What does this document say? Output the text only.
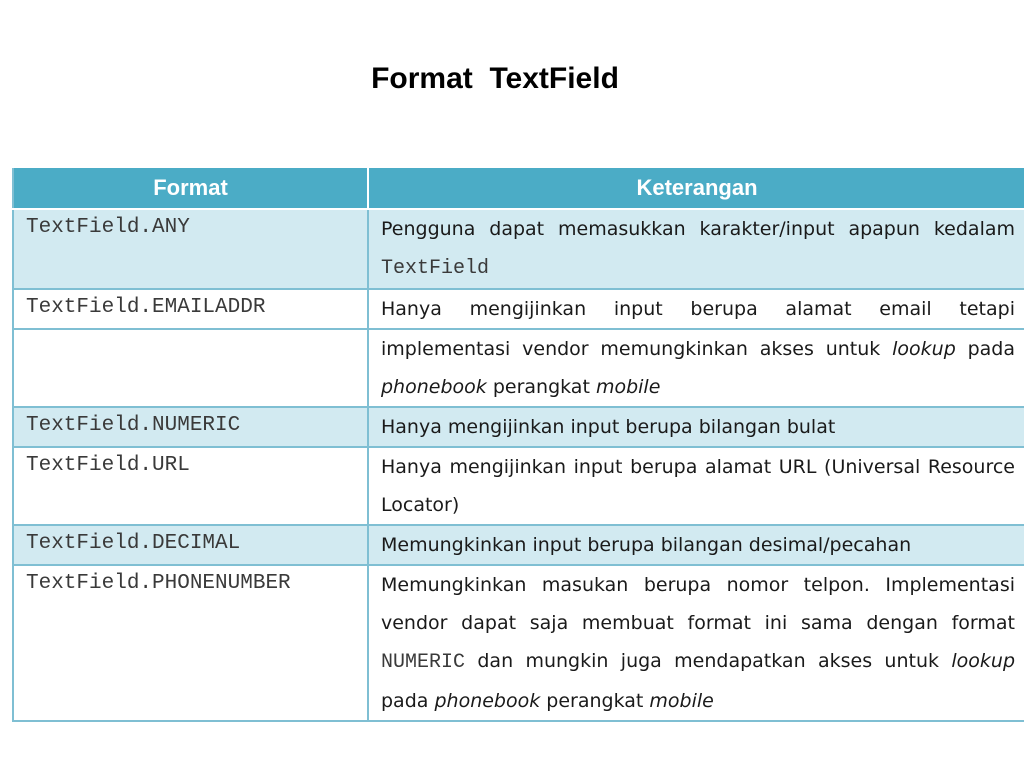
Format  TextField
Format	Keterangan
TextField.ANY	Pengguna dapat memasukkan karakter/input apapun kedalam TextField
TextField.EMAILADDR	Hanya mengijinkan input berupa alamat email tetapi
	implementasi vendor memungkinkan akses untuk lookup pada phonebook perangkat mobile
TextField.NUMERIC	Hanya mengijinkan input berupa bilangan bulat
TextField.URL	Hanya mengijinkan input berupa alamat URL (Universal Resource Locator)
TextField.DECIMAL	Memungkinkan input berupa bilangan desimal/pecahan
TextField.PHONENUMBER	Memungkinkan masukan berupa nomor telpon. Implementasi vendor dapat saja membuat format ini sama dengan format NUMERIC dan mungkin juga mendapatkan akses untuk lookup pada phonebook perangkat mobile
